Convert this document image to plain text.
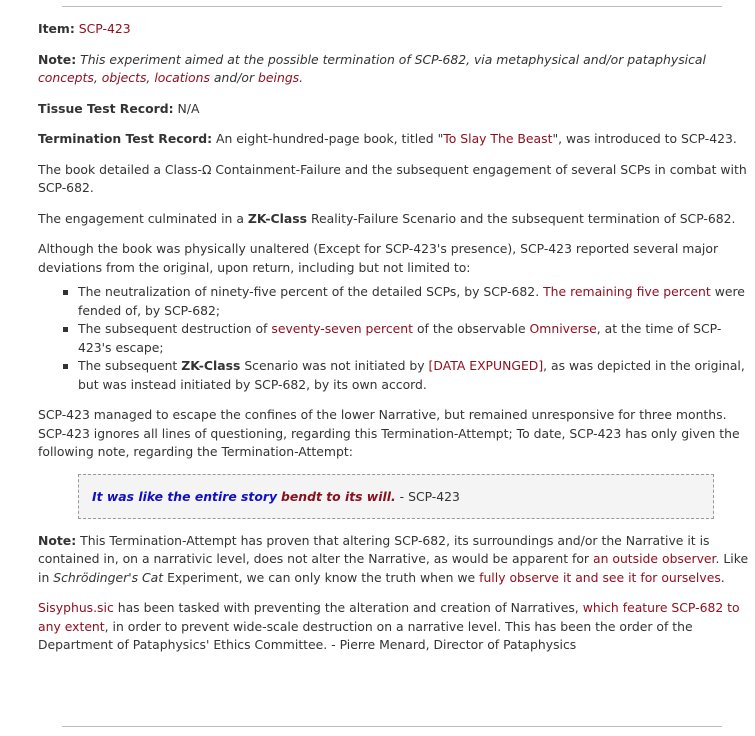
Item: SCP-423

Note: This experiment aimed at the possible termination of SCP-682, via metaphysical and/or pataphysical concepts, objects, locations and/or beings.

Tissue Test Record: N/A

Termination Test Record: An eight-hundred-page book, titled "To Slay The Beast", was introduced to SCP-423.

The book detailed a Class-Ω Containment-Failure and the subsequent engagement of several SCPs in combat with SCP-682.

The engagement culminated in a ZK-Class Reality-Failure Scenario and the subsequent termination of SCP-682.

Although the book was physically unaltered (Except for SCP-423's presence), SCP-423 reported several major deviations from the original, upon return, including but not limited to:

The neutralization of ninety-five percent of the detailed SCPs, by SCP-682. The remaining five percent were fended of, by SCP-682;
The subsequent destruction of seventy-seven percent of the observable Omniverse, at the time of SCP-423's escape;
The subsequent ZK-Class Scenario was not initiated by [DATA EXPUNGED], as was depicted in the original, but was instead initiated by SCP-682, by its own accord.

SCP-423 managed to escape the confines of the lower Narrative, but remained unresponsive for three months. SCP-423 ignores all lines of questioning, regarding this Termination-Attempt; To date, SCP-423 has only given the following note, regarding the Termination-Attempt:

It was like the entire story bendt to its will. - SCP-423

Note: This Termination-Attempt has proven that altering SCP-682, its surroundings and/or the Narrative it is contained in, on a narrativic level, does not alter the Narrative, as would be apparent for an outside observer. Like in Schrödinger's Cat Experiment, we can only know the truth when we fully observe it and see it for ourselves.

Sisyphus.sic has been tasked with preventing the alteration and creation of Narratives, which feature SCP-682 to any extent, in order to prevent wide-scale destruction on a narrative level. This has been the order of the Department of Pataphysics' Ethics Committee. - Pierre Menard, Director of Pataphysics
